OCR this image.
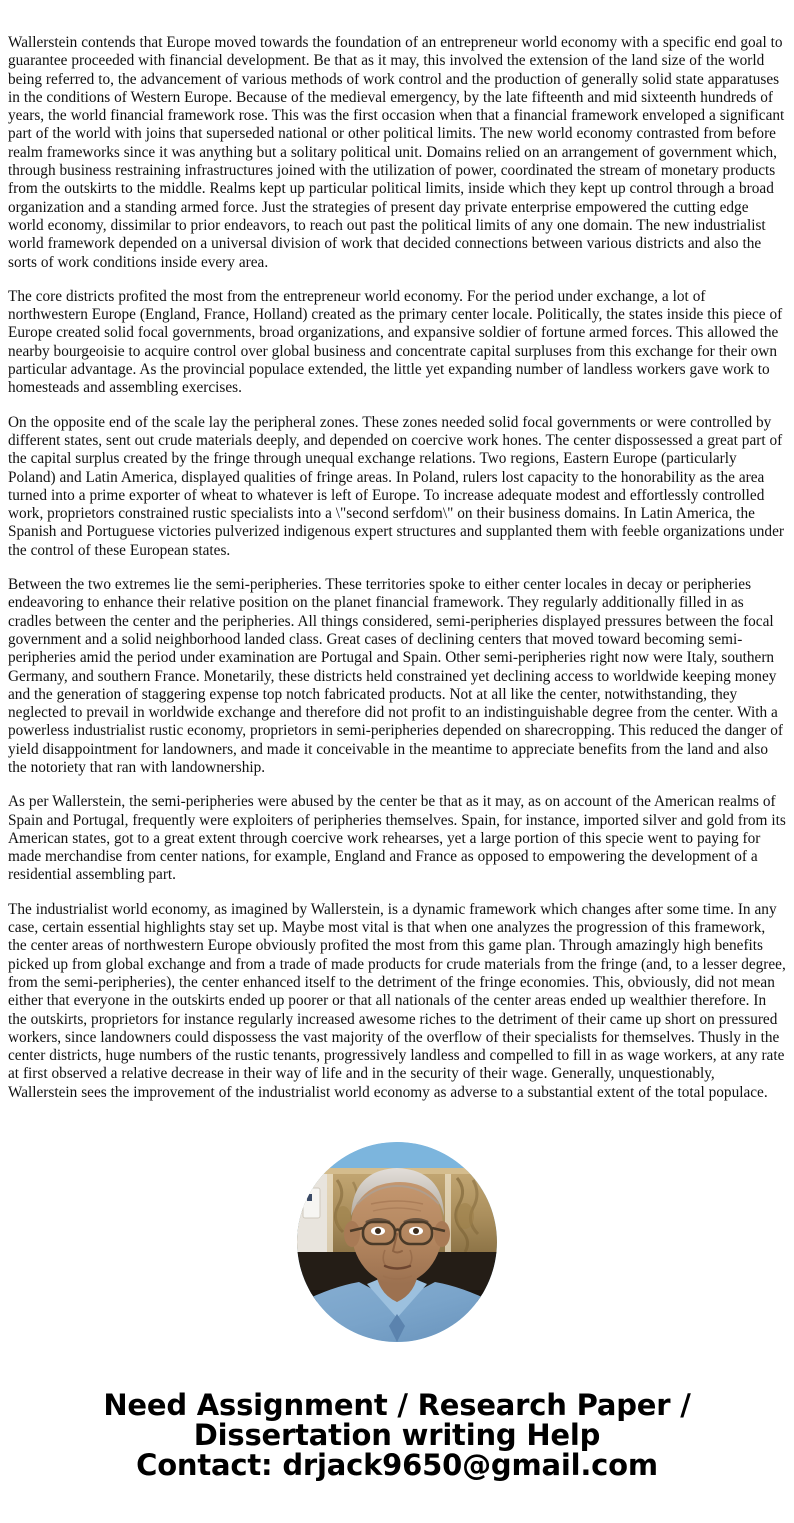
Wallerstein contends that Europe moved towards the foundation of an entrepreneur world economy with a specific end goal to guarantee proceeded with financial development. Be that as it may, this involved the extension of the land size of the world being referred to, the advancement of various methods of work control and the production of generally solid state apparatuses in the conditions of Western Europe. Because of the medieval emergency, by the late fifteenth and mid sixteenth hundreds of years, the world financial framework rose. This was the first occasion when that a financial framework enveloped a significant part of the world with joins that superseded national or other political limits. The new world economy contrasted from before realm frameworks since it was anything but a solitary political unit. Domains relied on an arrangement of government which, through business restraining infrastructures joined with the utilization of power, coordinated the stream of monetary products from the outskirts to the middle. Realms kept up particular political limits, inside which they kept up control through a broad organization and a standing armed force. Just the strategies of present day private enterprise empowered the cutting edge world economy, dissimilar to prior endeavors, to reach out past the political limits of any one domain. The new industrialist world framework depended on a universal division of work that decided connections between various districts and also the sorts of work conditions inside every area.

The core districts profited the most from the entrepreneur world economy. For the period under exchange, a lot of northwestern Europe (England, France, Holland) created as the primary center locale. Politically, the states inside this piece of Europe created solid focal governments, broad organizations, and expansive soldier of fortune armed forces. This allowed the nearby bourgeoisie to acquire control over global business and concentrate capital surpluses from this exchange for their own particular advantage. As the provincial populace extended, the little yet expanding number of landless workers gave work to homesteads and assembling exercises.

On the opposite end of the scale lay the peripheral zones. These zones needed solid focal governments or were controlled by different states, sent out crude materials deeply, and depended on coercive work hones. The center dispossessed a great part of the capital surplus created by the fringe through unequal exchange relations. Two regions, Eastern Europe (particularly Poland) and Latin America, displayed qualities of fringe areas. In Poland, rulers lost capacity to the honorability as the area turned into a prime exporter of wheat to whatever is left of Europe. To increase adequate modest and effortlessly controlled work, proprietors constrained rustic specialists into a \"second serfdom\" on their business domains. In Latin America, the Spanish and Portuguese victories pulverized indigenous expert structures and supplanted them with feeble organizations under the control of these European states.

Between the two extremes lie the semi-peripheries. These territories spoke to either center locales in decay or peripheries endeavoring to enhance their relative position on the planet financial framework. They regularly additionally filled in as cradles between the center and the peripheries. All things considered, semi-peripheries displayed pressures between the focal government and a solid neighborhood landed class. Great cases of declining centers that moved toward becoming semi-peripheries amid the period under examination are Portugal and Spain. Other semi-peripheries right now were Italy, southern Germany, and southern France. Monetarily, these districts held constrained yet declining access to worldwide keeping money and the generation of staggering expense top notch fabricated products. Not at all like the center, notwithstanding, they neglected to prevail in worldwide exchange and therefore did not profit to an indistinguishable degree from the center. With a powerless industrialist rustic economy, proprietors in semi-peripheries depended on sharecropping. This reduced the danger of yield disappointment for landowners, and made it conceivable in the meantime to appreciate benefits from the land and also the notoriety that ran with landownership.

As per Wallerstein, the semi-peripheries were abused by the center be that as it may, as on account of the American realms of Spain and Portugal, frequently were exploiters of peripheries themselves. Spain, for instance, imported silver and gold from its American states, got to a great extent through coercive work rehearses, yet a large portion of this specie went to paying for made merchandise from center nations, for example, England and France as opposed to empowering the development of a residential assembling part.

The industrialist world economy, as imagined by Wallerstein, is a dynamic framework which changes after some time. In any case, certain essential highlights stay set up. Maybe most vital is that when one analyzes the progression of this framework, the center areas of northwestern Europe obviously profited the most from this game plan. Through amazingly high benefits picked up from global exchange and from a trade of made products for crude materials from the fringe (and, to a lesser degree, from the semi-peripheries), the center enhanced itself to the detriment of the fringe economies. This, obviously, did not mean either that everyone in the outskirts ended up poorer or that all nationals of the center areas ended up wealthier therefore. In the outskirts, proprietors for instance regularly increased awesome riches to the detriment of their came up short on pressured workers, since landowners could dispossess the vast majority of the overflow of their specialists for themselves. Thusly in the center districts, huge numbers of the rustic tenants, progressively landless and compelled to fill in as wage workers, at any rate at first observed a relative decrease in their way of life and in the security of their wage. Generally, unquestionably, Wallerstein sees the improvement of the industrialist world economy as adverse to a substantial extent of the total populace.

Need Assignment / Research Paper / Dissertation writing Help
Contact: drjack9650@gmail.com
